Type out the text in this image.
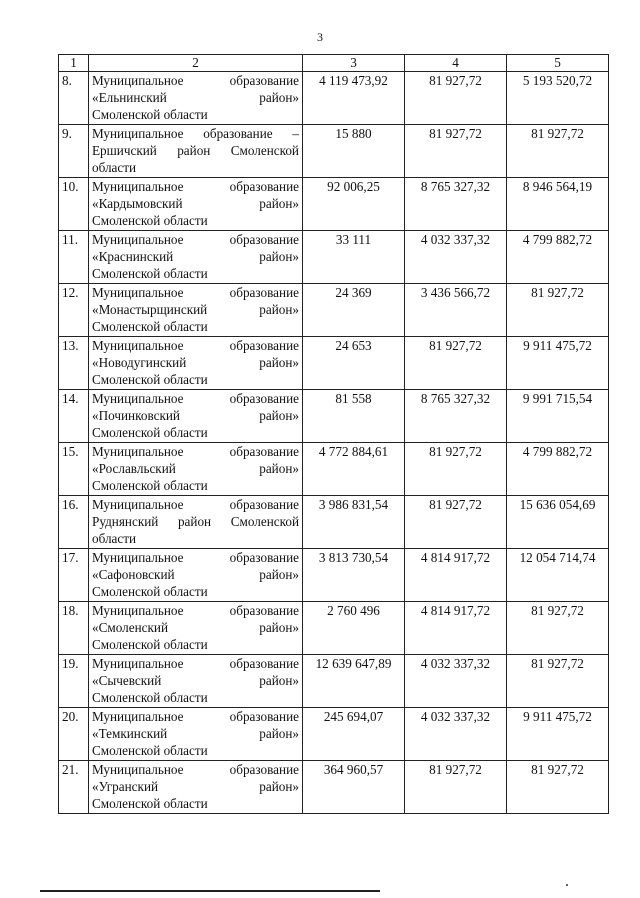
3
1	2	3	4	5
8.	Муниципальное образование
«Ельнинский район»
Смоленской области	4 119 473,92	81 927,72	5 193 520,72
9.	Муниципальное образование –
Ершичский район Смоленской
области	15 880	81 927,72	81 927,72
10.	Муниципальное образование
«Кардымовский район»
Смоленской области	92 006,25	8 765 327,32	8 946 564,19
11.	Муниципальное образование
«Краснинский район»
Смоленской области	33 111	4 032 337,32	4 799 882,72
12.	Муниципальное образование
«Монастырщинский район»
Смоленской области	24 369	3 436 566,72	81 927,72
13.	Муниципальное образование
«Новодугинский район»
Смоленской области	24 653	81 927,72	9 911 475,72
14.	Муниципальное образование
«Починковский район»
Смоленской области	81 558	8 765 327,32	9 991 715,54
15.	Муниципальное образование
«Рославльский район»
Смоленской области	4 772 884,61	81 927,72	4 799 882,72
16.	Муниципальное образование
Руднянский район Смоленской
области	3 986 831,54	81 927,72	15 636 054,69
17.	Муниципальное образование
«Сафоновский район»
Смоленской области	3 813 730,54	4 814 917,72	12 054 714,74
18.	Муниципальное образование
«Смоленский район»
Смоленской области	2 760 496	4 814 917,72	81 927,72
19.	Муниципальное образование
«Сычевский район»
Смоленской области	12 639 647,89	4 032 337,32	81 927,72
20.	Муниципальное образование
«Темкинский район»
Смоленской области	245 694,07	4 032 337,32	9 911 475,72
21.	Муниципальное образование
«Угранский район»
Смоленской области	364 960,57	81 927,72	81 927,72
